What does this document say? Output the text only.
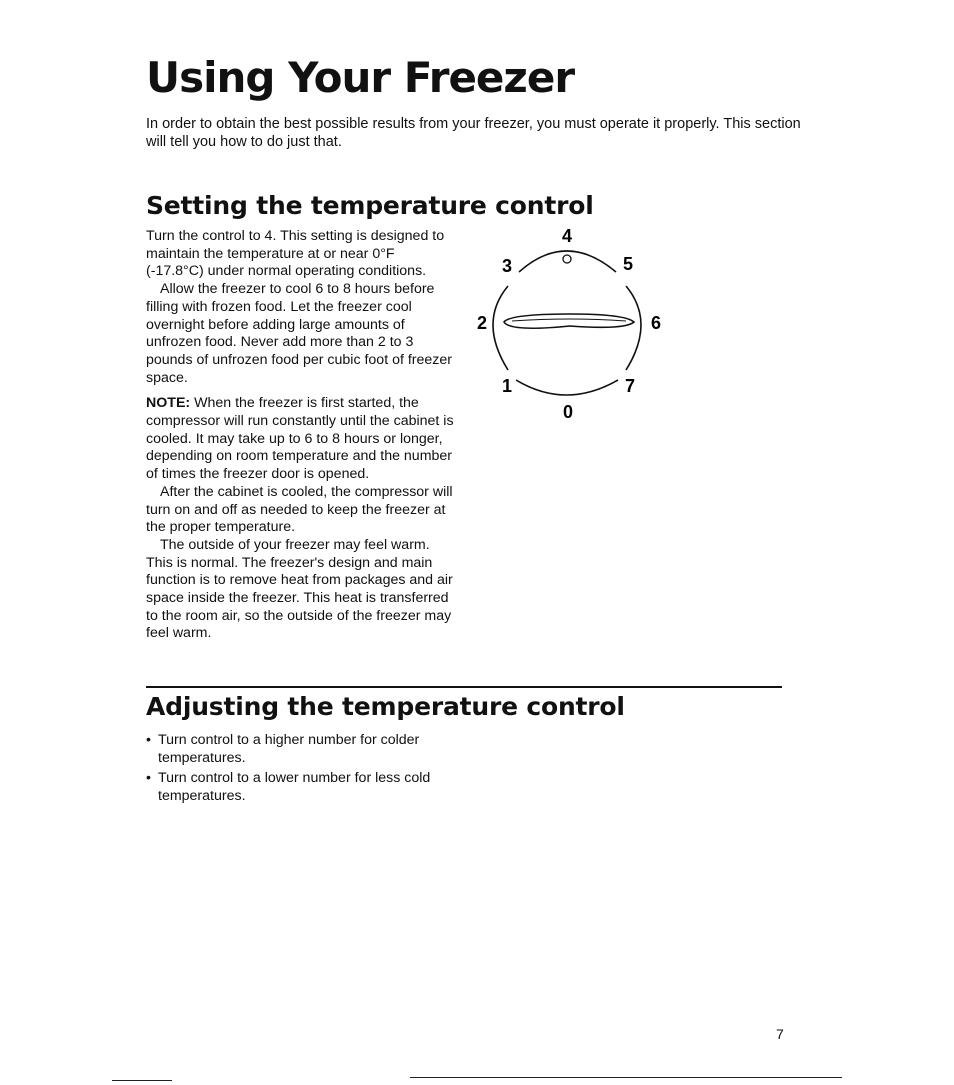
Using Your Freezer

In order to obtain the best possible results from your freezer, you must operate it properly. This section will tell you how to do just that.

Setting the temperature control

Turn the control to 4. This setting is designed to maintain the temperature at or near 0°F (-17.8°C) under normal operating conditions.

Allow the freezer to cool 6 to 8 hours before filling with frozen food. Let the freezer cool overnight before adding large amounts of unfrozen food. Never add more than 2 to 3 pounds of unfrozen food per cubic foot of freezer space.

NOTE: When the freezer is first started, the compressor will run constantly until the cabinet is cooled. It may take up to 6 to 8 hours or longer, depending on room temperature and the number of times the freezer door is opened.

After the cabinet is cooled, the compressor will turn on and off as needed to keep the freezer at the proper temperature.

The outside of your freezer may feel warm. This is normal. The freezer's design and main function is to remove heat from packages and air space inside the freezer. This heat is transferred to the room air, so the outside of the freezer may feel warm.

4
3	5
2	6
1	7
0
Adjusting the temperature control
• Turn control to a higher number for colder temperatures.
• Turn control to a lower number for less cold temperatures.
7
